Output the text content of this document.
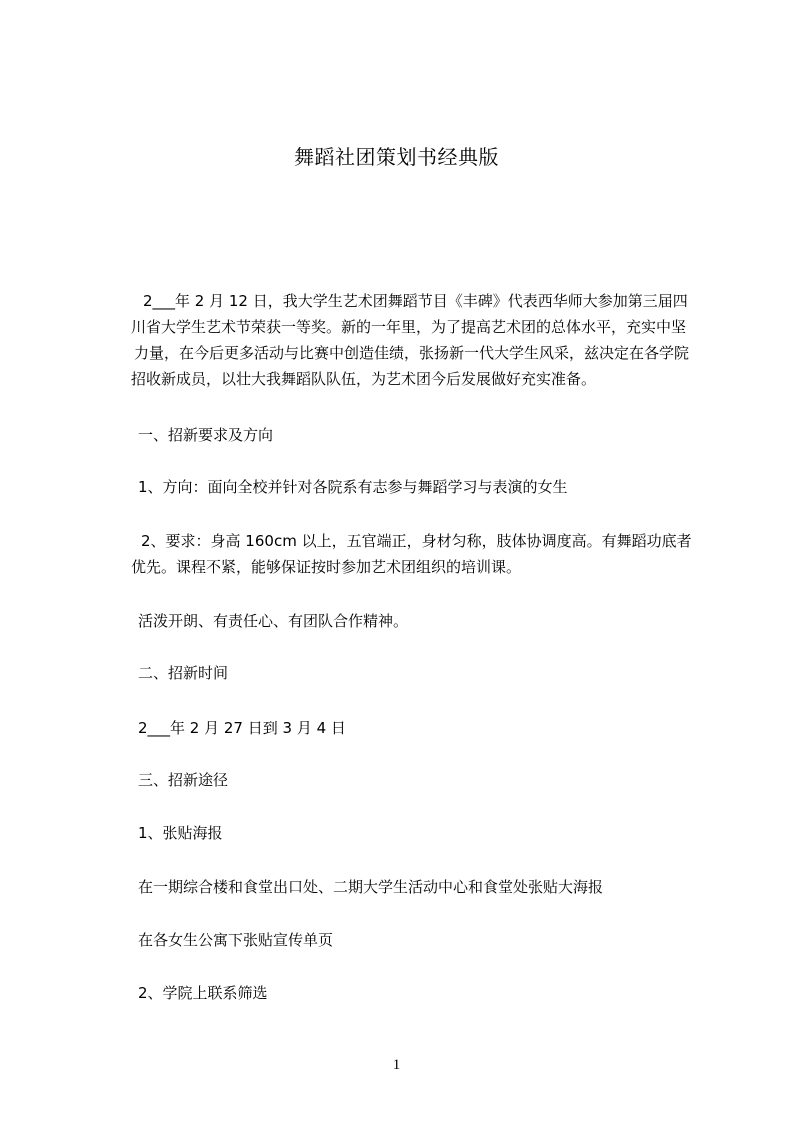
舞蹈社团策划书经典版
2___年 2 月 12 日，我大学生艺术团舞蹈节目《丰碑》代表西华师大参加第三届四
川省大学生艺术节荣获一等奖。新的一年里，为了提高艺术团的总体水平，充实中坚
力量，在今后更多活动与比赛中创造佳绩，张扬新一代大学生风采，兹决定在各学院
招收新成员，以壮大我舞蹈队队伍，为艺术团今后发展做好充实准备。
一、招新要求及方向
1、方向：面向全校并针对各院系有志参与舞蹈学习与表演的女生
2、要求：身高 160cm 以上，五官端正，身材匀称，肢体协调度高。有舞蹈功底者
优先。课程不紧，能够保证按时参加艺术团组织的培训课。
活泼开朗、有责任心、有团队合作精神。
二、招新时间
2___年 2 月 27 日到 3 月 4 日
三、招新途径
1、张贴海报
在一期综合楼和食堂出口处、二期大学生活动中心和食堂处张贴大海报
在各女生公寓下张贴宣传单页
2、学院上联系筛选
1
